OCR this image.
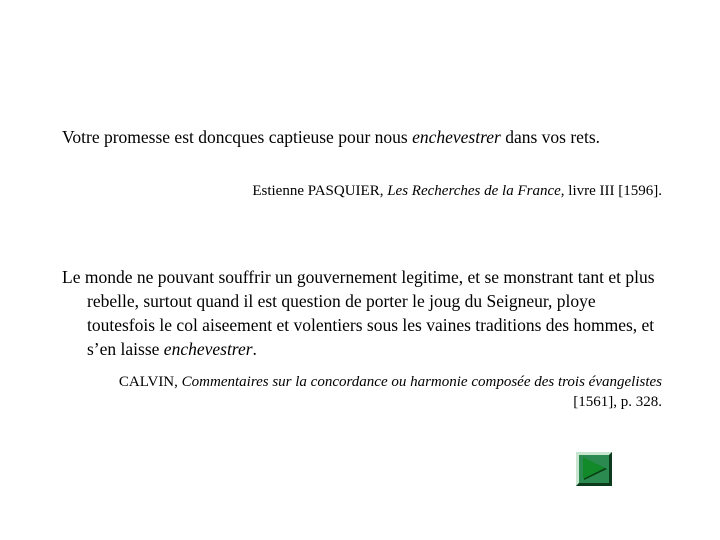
Votre promesse est doncques captieuse pour nous enchevestrer dans vos rets.

Estienne PASQUIER, Les Recherches de la France, livre III [1596].

Le monde ne pouvant souffrir un gouvernement legitime, et se monstrant tant et plus rebelle, surtout quand il est question de porter le joug du Seigneur, ploye toutesfois le col aiseement et volentiers sous les vaines traditions des hommes, et s’en laisse enchevestrer.

CALVIN, Commentaires sur la concordance ou harmonie composée des trois évangelistes [1561], p. 328.
